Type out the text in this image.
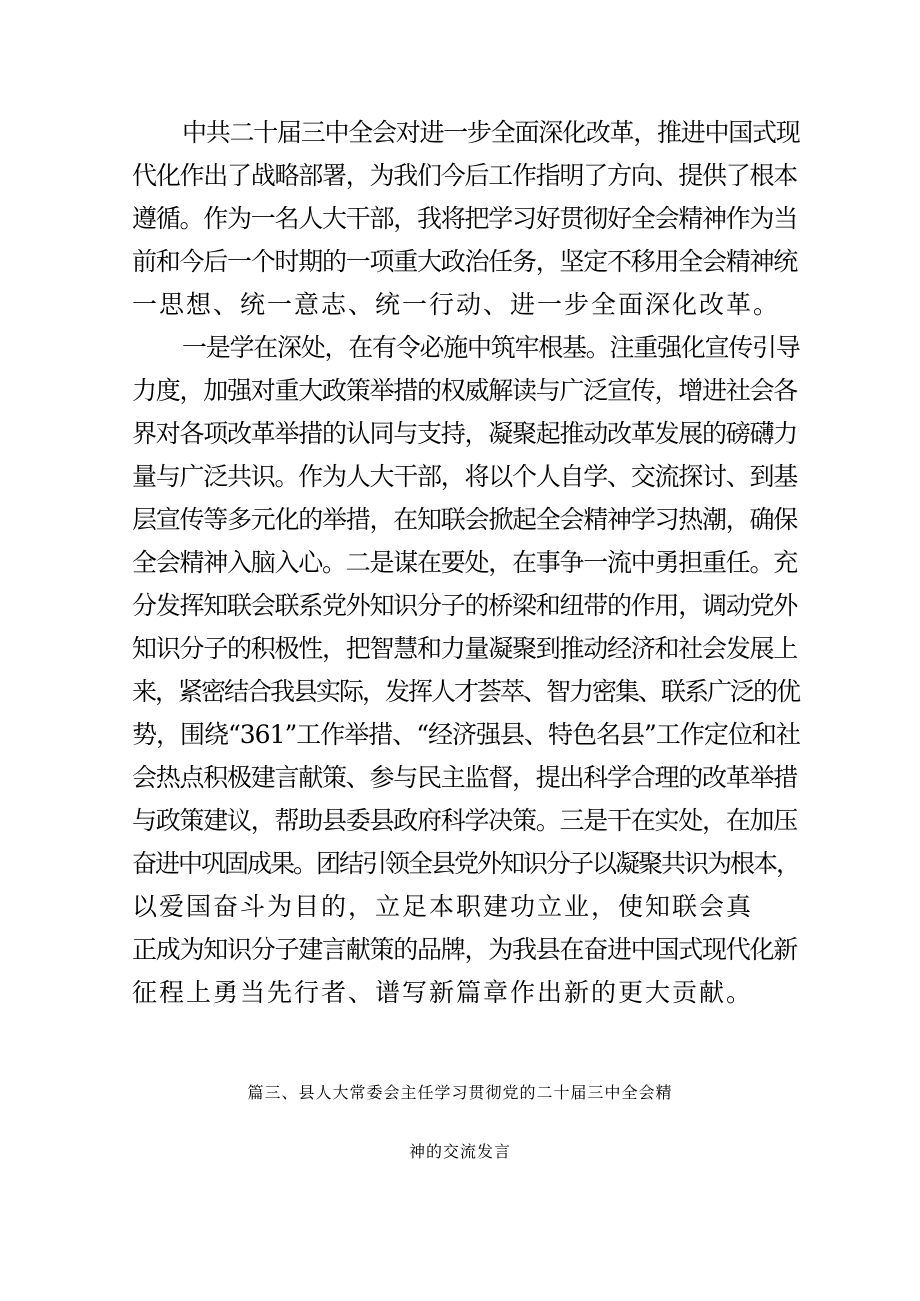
中共二十届三中全会对进一步全面深化改革，推进中国式现
代化作出了战略部署，为我们今后工作指明了方向、提供了根本
遵循。作为一名人大干部，我将把学习好贯彻好全会精神作为当
前和今后一个时期的一项重大政治任务，坚定不移用全会精神统
一思想、统一意志、统一行动、进一步全面深化改革。
一是学在深处，在有令必施中筑牢根基。注重强化宣传引导
力度，加强对重大政策举措的权威解读与广泛宣传，增进社会各
界对各项改革举措的认同与支持，凝聚起推动改革发展的磅礴力
量与广泛共识。作为人大干部，将以个人自学、交流探讨、到基
层宣传等多元化的举措，在知联会掀起全会精神学习热潮，确保
全会精神入脑入心。二是谋在要处，在事争一流中勇担重任。充
分发挥知联会联系党外知识分子的桥梁和纽带的作用，调动党外
知识分子的积极性，把智慧和力量凝聚到推动经济和社会发展上
来，紧密结合我县实际，发挥人才荟萃、智力密集、联系广泛的优
势，围绕“361”工作举措、“经济强县、特色名县”工作定位和社
会热点积极建言献策、参与民主监督，提出科学合理的改革举措
与政策建议，帮助县委县政府科学决策。三是干在实处，在加压
奋进中巩固成果。团结引领全县党外知识分子以凝聚共识为根本，
以爱国奋斗为目的，立足本职建功立业，使知联会真
正成为知识分子建言献策的品牌，为我县在奋进中国式现代化新
征程上勇当先行者、谱写新篇章作出新的更大贡献。
篇三、县人大常委会主任学习贯彻党的二十届三中全会精
神的交流发言
